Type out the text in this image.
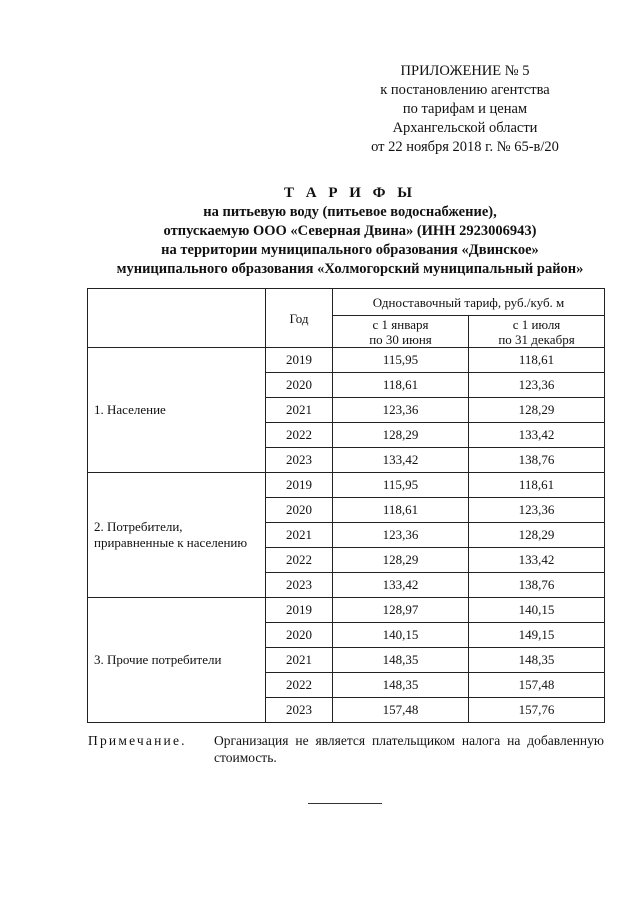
ПРИЛОЖЕНИЕ № 5
к постановлению агентства
по тарифам и ценам
Архангельской области
от 22 ноября 2018 г. № 65-в/20
Т А Р И Ф Ы
на питьевую воду (питьевое водоснабжение),
отпускаемую ООО «Северная Двина» (ИНН 2923006943)
на территории муниципального образования «Двинское»
муниципального образования «Холмогорский муниципальный район»
	Год	Одноставочный тариф, руб./куб. м	
		с 1 января
по 30 июня	с 1 июля
по 31 декабря
1. Население	2019	115,95	118,61
	2020	118,61	123,36
	2021	123,36	128,29
	2022	128,29	133,42
	2023	133,42	138,76
2. Потребители,
приравненные к населению	2019	115,95	118,61
	2020	118,61	123,36
	2021	123,36	128,29
	2022	128,29	133,42
	2023	133,42	138,76
3. Прочие потребители	2019	128,97	140,15
	2020	140,15	149,15
	2021	148,35	148,35
	2022	148,35	157,48
	2023	157,48	157,76
Примечание. Организация не является плательщиком налога на добавленную стоимость.
